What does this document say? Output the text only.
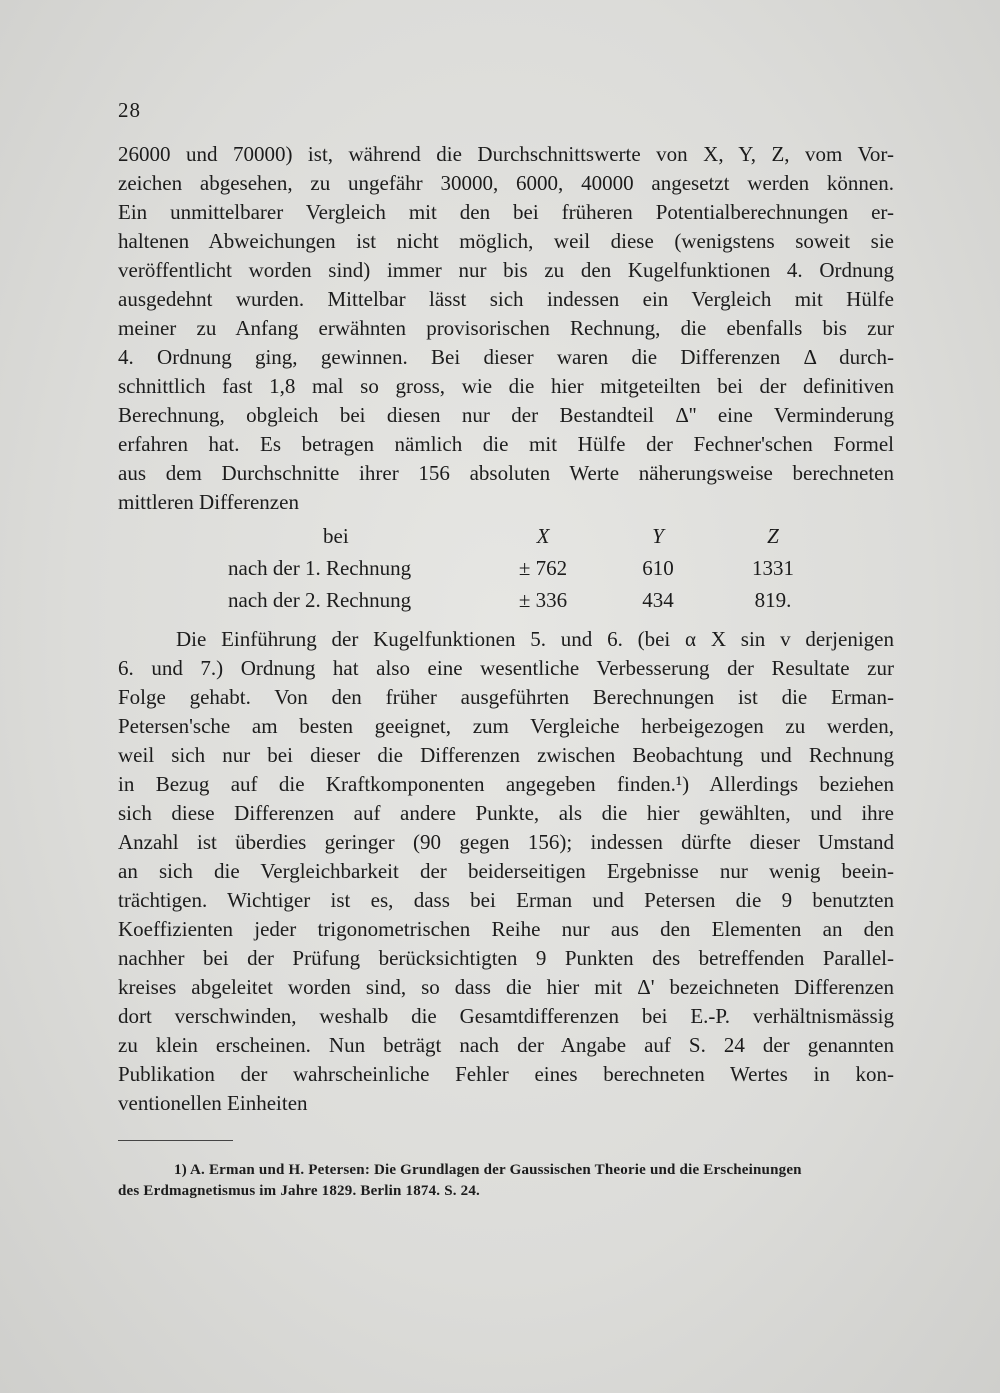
28
26000 und 70000) ist, während die Durchschnittswerte von X, Y, Z, vom Vor-
zeichen abgesehen, zu ungefähr 30000, 6000, 40000 angesetzt werden können.
Ein unmittelbarer Vergleich mit den bei früheren Potentialberechnungen er-
haltenen Abweichungen ist nicht möglich, weil diese (wenigstens soweit sie
veröffentlicht worden sind) immer nur bis zu den Kugelfunktionen 4. Ordnung
ausgedehnt wurden. Mittelbar lässt sich indessen ein Vergleich mit Hülfe
meiner zu Anfang erwähnten provisorischen Rechnung, die ebenfalls bis zur
4. Ordnung ging, gewinnen. Bei dieser waren die Differenzen Δ durch-
schnittlich fast 1,8 mal so gross, wie die hier mitgeteilten bei der definitiven
Berechnung, obgleich bei diesen nur der Bestandteil Δ'' eine Verminderung
erfahren hat. Es betragen nämlich die mit Hülfe der Fechner'schen Formel
aus dem Durchschnitte ihrer 156 absoluten Werte näherungsweise berechneten
mittleren Differenzen
bei	X	Y	Z
nach der 1. Rechnung	± 762	610	1331
nach der 2. Rechnung	± 336	434	819.
Die Einführung der Kugelfunktionen 5. und 6. (bei α X sin v derjenigen
6. und 7.) Ordnung hat also eine wesentliche Verbesserung der Resultate zur
Folge gehabt. Von den früher ausgeführten Berechnungen ist die Erman-
Petersen'sche am besten geeignet, zum Vergleiche herbeigezogen zu werden,
weil sich nur bei dieser die Differenzen zwischen Beobachtung und Rechnung
in Bezug auf die Kraftkomponenten angegeben finden.¹) Allerdings beziehen
sich diese Differenzen auf andere Punkte, als die hier gewählten, und ihre
Anzahl ist überdies geringer (90 gegen 156); indessen dürfte dieser Umstand
an sich die Vergleichbarkeit der beiderseitigen Ergebnisse nur wenig beein-
trächtigen. Wichtiger ist es, dass bei Erman und Petersen die 9 benutzten
Koeffizienten jeder trigonometrischen Reihe nur aus den Elementen an den
nachher bei der Prüfung berücksichtigten 9 Punkten des betreffenden Parallel-
kreises abgeleitet worden sind, so dass die hier mit Δ' bezeichneten Differenzen
dort verschwinden, weshalb die Gesamtdifferenzen bei E.-P. verhältnismässig
zu klein erscheinen. Nun beträgt nach der Angabe auf S. 24 der genannten
Publikation der wahrscheinliche Fehler eines berechneten Wertes in kon-
ventionellen Einheiten
1) A. Erman und H. Petersen: Die Grundlagen der Gaussischen Theorie und die Erscheinungen
des Erdmagnetismus im Jahre 1829. Berlin 1874. S. 24.
